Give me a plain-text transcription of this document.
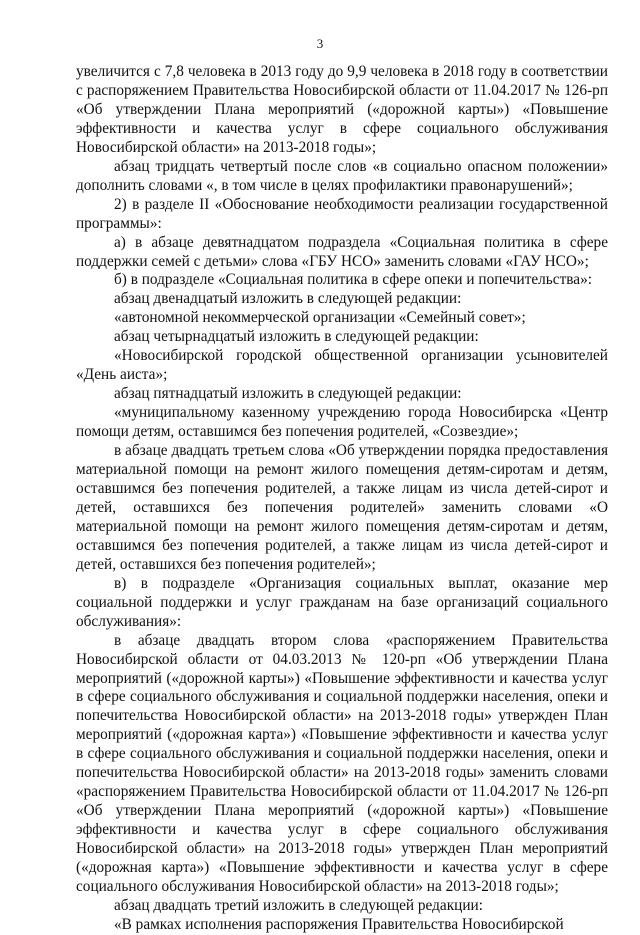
3

увеличится с 7,8 человека в 2013 году до 9,9 человека в 2018 году в соответствии с распоряжением Правительства Новосибирской области от 11.04.2017 № 126-рп «Об утверждении Плана мероприятий («дорожной карты») «Повышение эффективности и качества услуг в сфере социального обслуживания Новосибирской области» на 2013-2018 годы»;

абзац тридцать четвертый после слов «в социально опасном положении» дополнить словами «, в том числе в целях профилактики правонарушений»;

2) в разделе II «Обоснование необходимости реализации государственной программы»:

а) в абзаце девятнадцатом подраздела «Социальная политика в сфере поддержки семей с детьми» слова «ГБУ НСО» заменить словами «ГАУ НСО»;

б) в подразделе «Социальная политика в сфере опеки и попечительства»:

абзац двенадцатый изложить в следующей редакции:

«автономной некоммерческой организации «Семейный совет»;

абзац четырнадцатый изложить в следующей редакции:

«Новосибирской городской общественной организации усыновителей «День аиста»;

абзац пятнадцатый изложить в следующей редакции:

«муниципальному казенному учреждению города Новосибирска «Центр помощи детям, оставшимся без попечения родителей, «Созвездие»;

в абзаце двадцать третьем слова «Об утверждении порядка предоставления материальной помощи на ремонт жилого помещения детям-сиротам и детям, оставшимся без попечения родителей, а также лицам из числа детей-сирот и детей, оставшихся без попечения родителей» заменить словами «О материальной помощи на ремонт жилого помещения детям-сиротам и детям, оставшимся без попечения родителей, а также лицам из числа детей-сирот и детей, оставшихся без попечения родителей»;

в) в подразделе «Организация социальных выплат, оказание мер социальной поддержки и услуг гражданам на базе организаций социального обслуживания»:

в абзаце двадцать втором слова «распоряжением Правительства Новосибирской области от 04.03.2013 № 120-рп «Об утверждении Плана мероприятий («дорожной карты») «Повышение эффективности и качества услуг в сфере социального обслуживания и социальной поддержки населения, опеки и попечительства Новосибирской области» на 2013-2018 годы» утвержден План мероприятий («дорожная карта») «Повышение эффективности и качества услуг в сфере социального обслуживания и социальной поддержки населения, опеки и попечительства Новосибирской области» на 2013-2018 годы» заменить словами «распоряжением Правительства Новосибирской области от 11.04.2017 № 126-рп «Об утверждении Плана мероприятий («дорожной карты») «Повышение эффективности и качества услуг в сфере социального обслуживания Новосибирской области» на 2013-2018 годы» утвержден План мероприятий («дорожная карта») «Повышение эффективности и качества услуг в сфере социального обслуживания Новосибирской области» на 2013-2018 годы»;

абзац двадцать третий изложить в следующей редакции:

«В рамках исполнения распоряжения Правительства Новосибирской
